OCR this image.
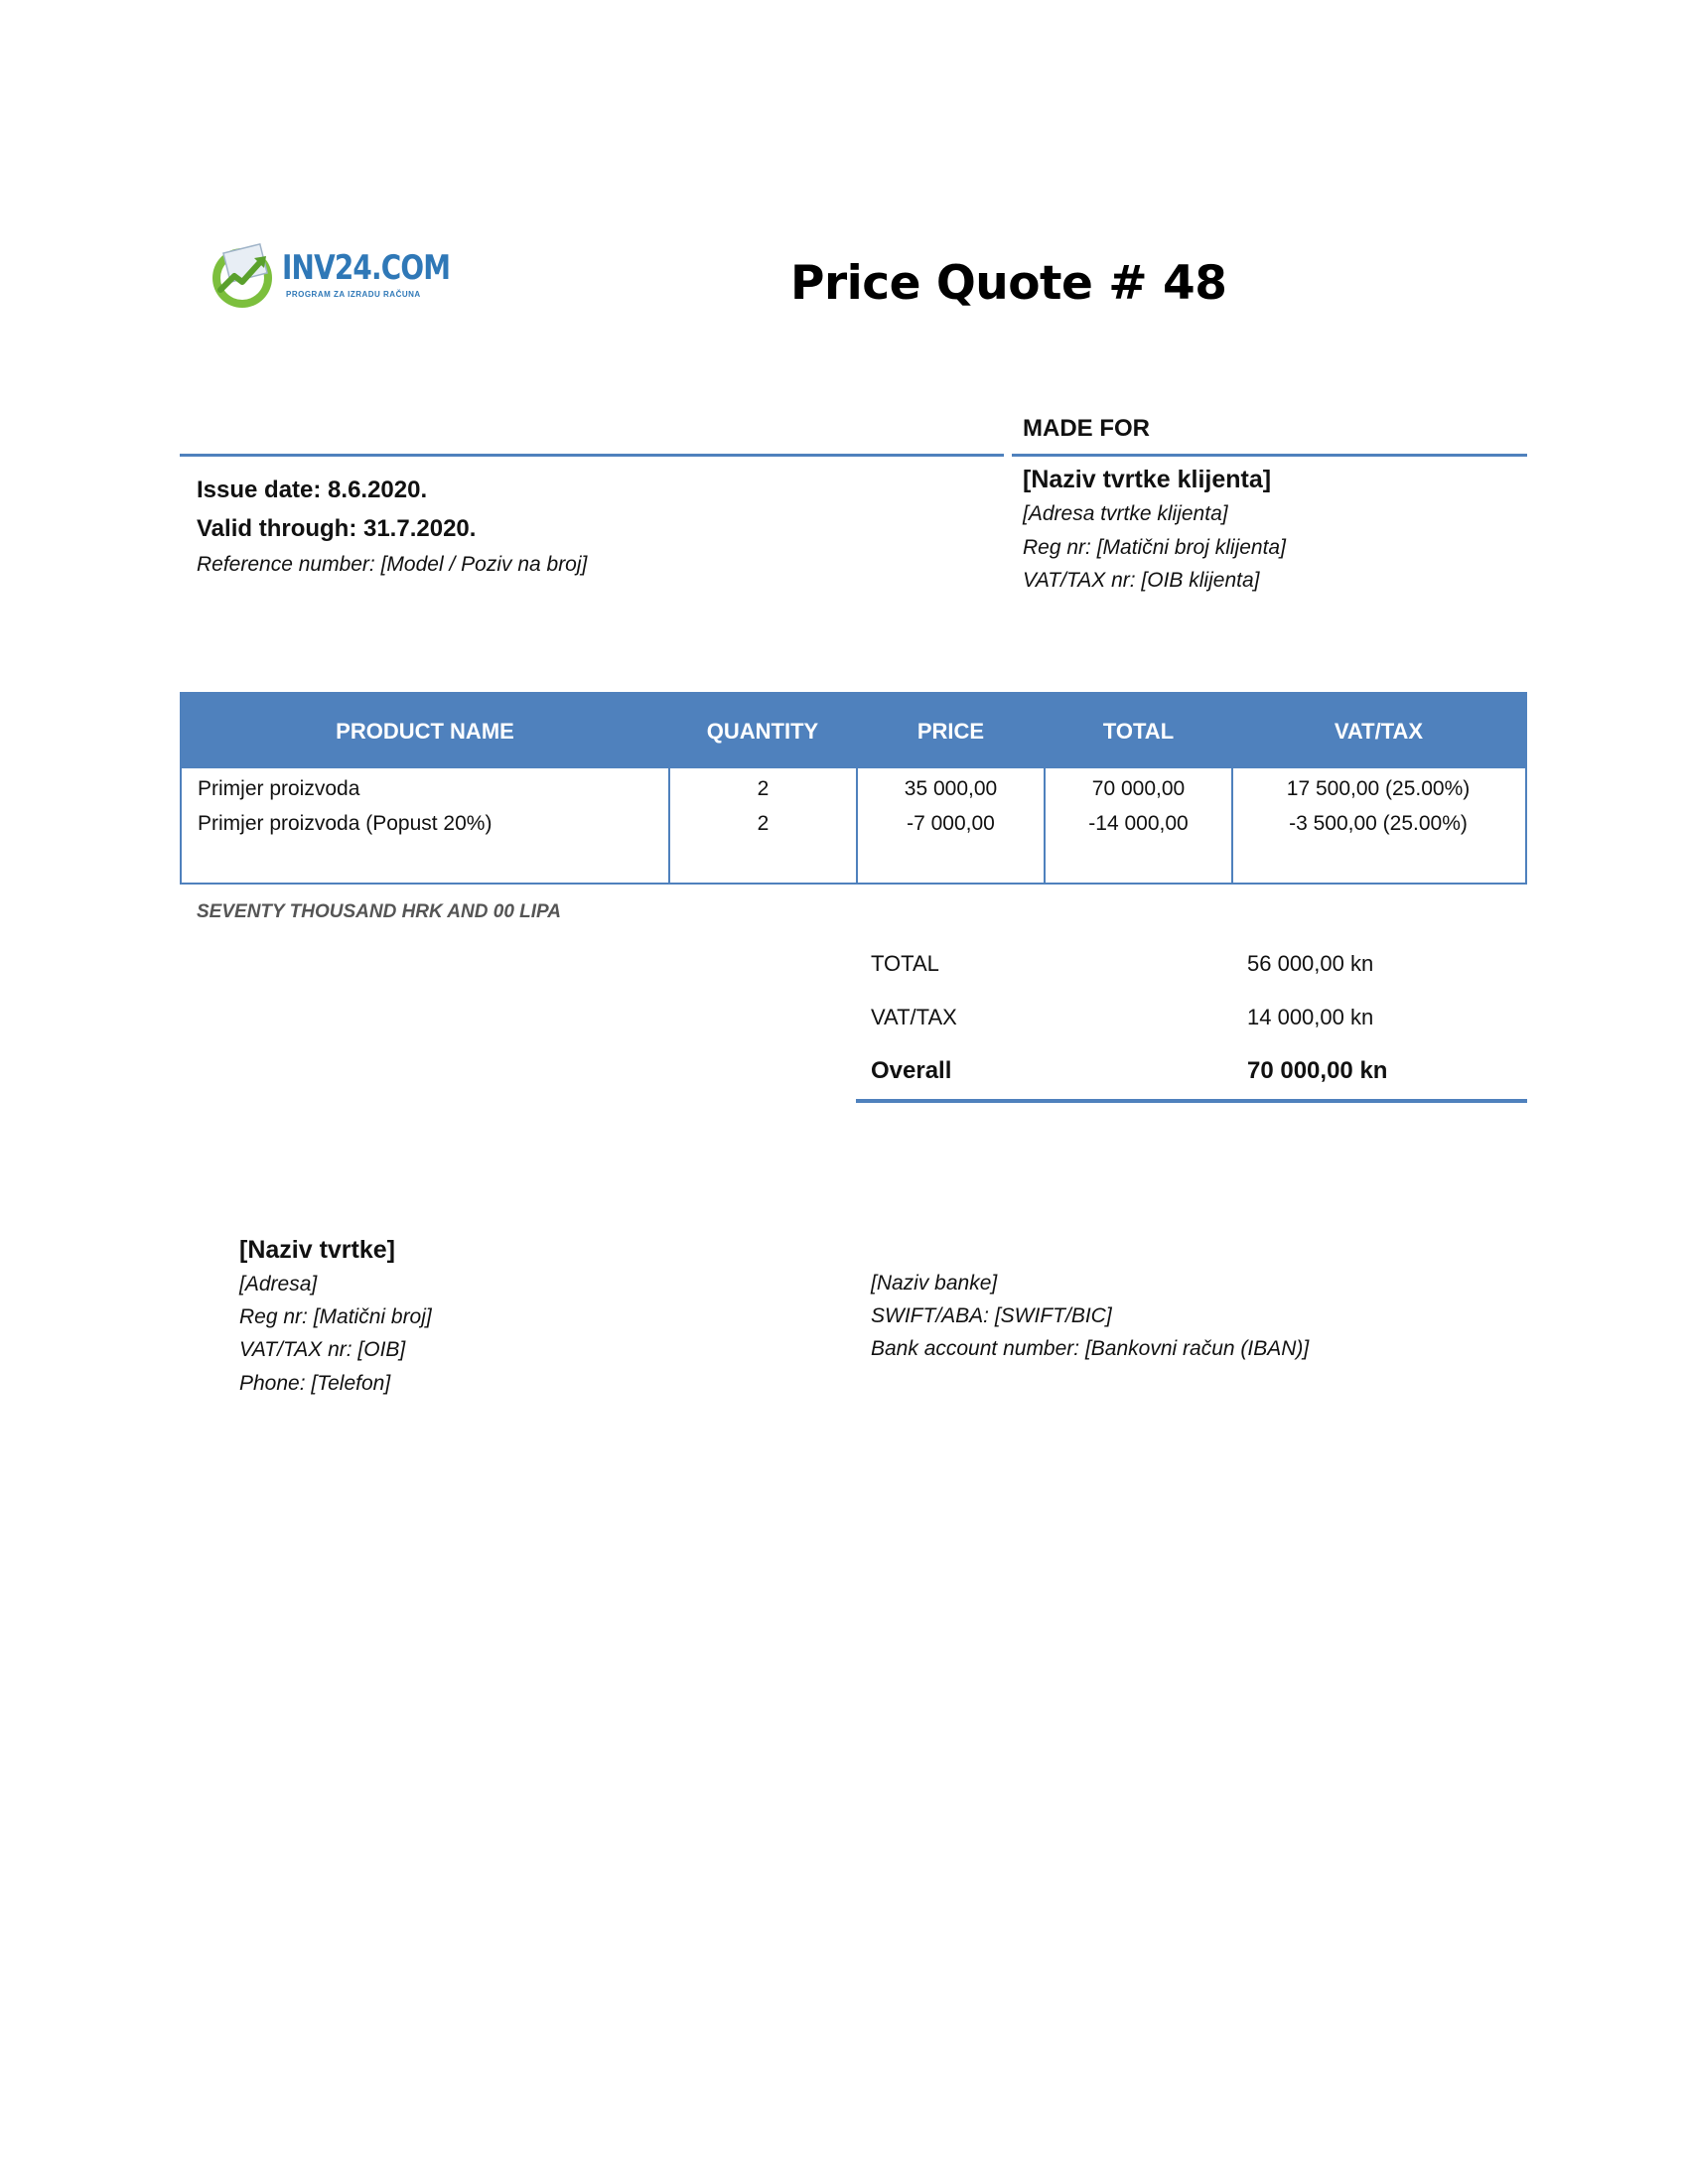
INV24.COM
PROGRAM ZA IZRADU RAČUNA	Price Quote # 48
MADE FOR
Issue date: 8.6.2020.
Valid through: 31.7.2020.
Reference number: [Model / Poziv na broj]
[Naziv tvrtke klijenta]
[Adresa tvrtke klijenta]
Reg nr: [Matični broj klijenta]
VAT/TAX nr: [OIB klijenta]
PRODUCT NAME	QUANTITY	PRICE	TOTAL	VAT/TAX
Primjer proizvoda	2	35 000,00	70 000,00	17 500,00 (25.00%)
Primjer proizvoda (Popust 20%)	2	-7 000,00	-14 000,00	-3 500,00 (25.00%)
SEVENTY THOUSAND HRK AND 00 LIPA
TOTAL	56 000,00 kn
VAT/TAX	14 000,00 kn
Overall	70 000,00 kn
[Naziv tvrtke]
[Adresa]
Reg nr: [Matični broj]
VAT/TAX nr: [OIB]
Phone: [Telefon]
[Naziv banke]
SWIFT/ABA: [SWIFT/BIC]
Bank account number: [Bankovni račun (IBAN)]
